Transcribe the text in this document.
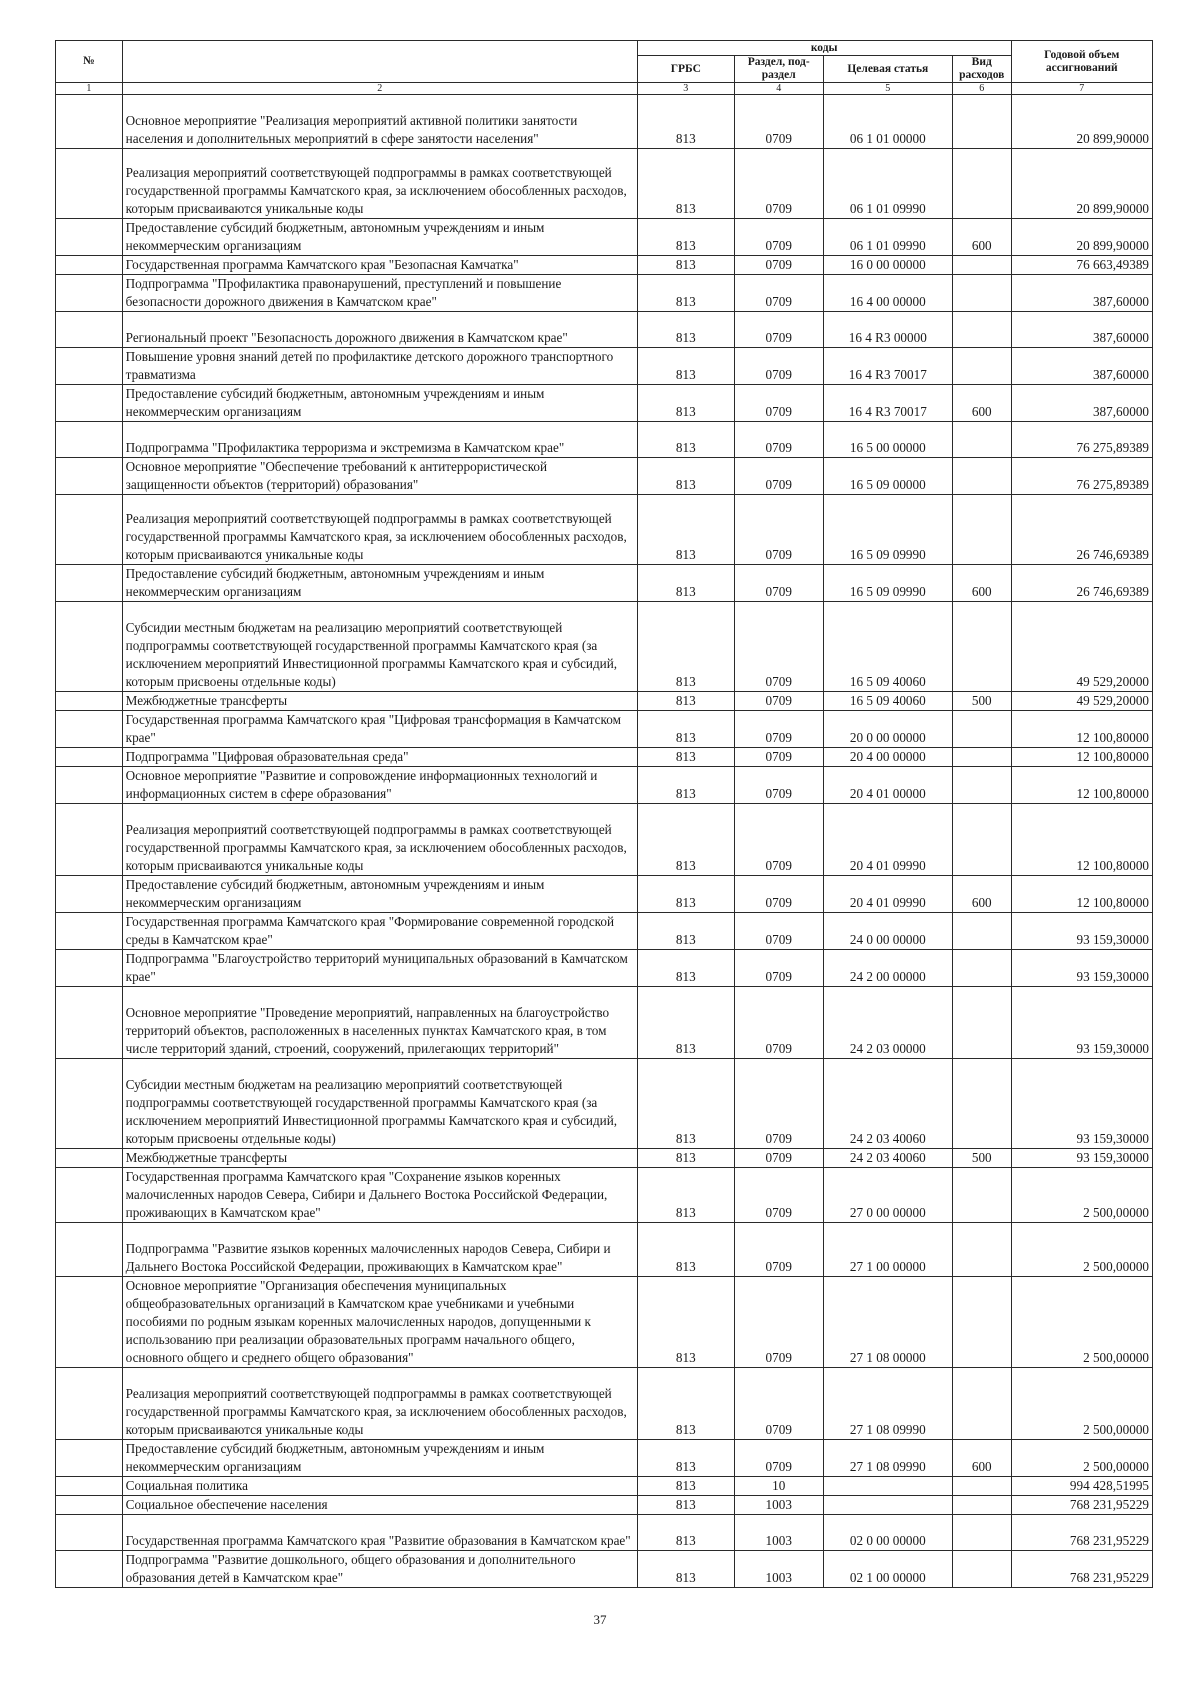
№		коды				Годовой объем ассигнований
		ГРБС	Раздел, под-раздел	Целевая статья	Вид расходов	
1	2	3	4	5	6	7
	Основное мероприятие "Реализация мероприятий активной политики занятости населения и дополнительных мероприятий в сфере занятости населения"	813	0709	06 1 01 00000		20 899,90000
	Реализация мероприятий соответствующей подпрограммы в рамках соответствующей государственной программы Камчатского края, за исключением обособленных расходов, которым присваиваются уникальные коды	813	0709	06 1 01 09990		20 899,90000
	Предоставление субсидий бюджетным, автономным учреждениям и иным некоммерческим организациям	813	0709	06 1 01 09990	600	20 899,90000
	Государственная программа Камчатского края "Безопасная Камчатка"	813	0709	16 0 00 00000		76 663,49389
	Подпрограмма "Профилактика правонарушений, преступлений и повышение безопасности дорожного движения в Камчатском крае"	813	0709	16 4 00 00000		387,60000
	Региональный проект "Безопасность дорожного движения в Камчатском крае"	813	0709	16 4 R3 00000		387,60000
	Повышение уровня знаний детей по профилактике детского дорожного транспортного травматизма	813	0709	16 4 R3 70017		387,60000
	Предоставление субсидий бюджетным, автономным учреждениям и иным некоммерческим организациям	813	0709	16 4 R3 70017	600	387,60000
	Подпрограмма "Профилактика терроризма и экстремизма в Камчатском крае"	813	0709	16 5 00 00000		76 275,89389
	Основное мероприятие "Обеспечение требований к антитеррористической защищенности объектов (территорий) образования"	813	0709	16 5 09 00000		76 275,89389
	Реализация мероприятий соответствующей подпрограммы в рамках соответствующей государственной программы Камчатского края, за исключением обособленных расходов, которым присваиваются уникальные коды	813	0709	16 5 09 09990		26 746,69389
	Предоставление субсидий бюджетным, автономным учреждениям и иным некоммерческим организациям	813	0709	16 5 09 09990	600	26 746,69389
	Субсидии местным бюджетам на реализацию мероприятий соответствующей подпрограммы соответствующей государственной программы Камчатского края (за исключением мероприятий Инвестиционной программы Камчатского края и субсидий, которым присвоены отдельные коды)	813	0709	16 5 09 40060		49 529,20000
	Межбюджетные трансферты	813	0709	16 5 09 40060	500	49 529,20000
	Государственная программа Камчатского края "Цифровая трансформация в Камчатском крае"	813	0709	20 0 00 00000		12 100,80000
	Подпрограмма "Цифровая образовательная среда"	813	0709	20 4 00 00000		12 100,80000
	Основное мероприятие "Развитие и сопровождение информационных технологий и информационных систем в сфере образования"	813	0709	20 4 01 00000		12 100,80000
	Реализация мероприятий соответствующей подпрограммы в рамках соответствующей государственной программы Камчатского края, за исключением обособленных расходов, которым присваиваются уникальные коды	813	0709	20 4 01 09990		12 100,80000
	Предоставление субсидий бюджетным, автономным учреждениям и иным некоммерческим организациям	813	0709	20 4 01 09990	600	12 100,80000
	Государственная программа Камчатского края "Формирование современной городской среды в Камчатском крае"	813	0709	24 0 00 00000		93 159,30000
	Подпрограмма "Благоустройство территорий муниципальных образований в Камчатском крае"	813	0709	24 2 00 00000		93 159,30000
	Основное мероприятие "Проведение мероприятий, направленных на благоустройство территорий объектов, расположенных в населенных пунктах Камчатского края, в том числе территорий зданий, строений, сооружений, прилегающих территорий"	813	0709	24 2 03 00000		93 159,30000
	Субсидии местным бюджетам на реализацию мероприятий соответствующей подпрограммы соответствующей государственной программы Камчатского края (за исключением мероприятий Инвестиционной программы Камчатского края и субсидий, которым присвоены отдельные коды)	813	0709	24 2 03 40060		93 159,30000
	Межбюджетные трансферты	813	0709	24 2 03 40060	500	93 159,30000
	Государственная программа Камчатского края "Сохранение языков коренных малочисленных народов Севера, Сибири и Дальнего Востока Российской Федерации, проживающих в Камчатском крае"	813	0709	27 0 00 00000		2 500,00000
	Подпрограмма "Развитие языков коренных малочисленных народов Севера, Сибири и Дальнего Востока Российской Федерации, проживающих в Камчатском крае"	813	0709	27 1 00 00000		2 500,00000
	Основное мероприятие "Организация обеспечения муниципальных общеобразовательных организаций в Камчатском крае учебниками и учебными пособиями по родным языкам коренных малочисленных народов, допущенными к использованию при реализации образовательных программ начального общего, основного общего и среднего общего образования"	813	0709	27 1 08 00000		2 500,00000
	Реализация мероприятий соответствующей подпрограммы в рамках соответствующей государственной программы Камчатского края, за исключением обособленных расходов, которым присваиваются уникальные коды	813	0709	27 1 08 09990		2 500,00000
	Предоставление субсидий бюджетным, автономным учреждениям и иным некоммерческим организациям	813	0709	27 1 08 09990	600	2 500,00000
	Социальная политика	813	10			994 428,51995
	Социальное обеспечение населения	813	1003			768 231,95229
	Государственная программа Камчатского края "Развитие образования в Камчатском крае"	813	1003	02 0 00 00000		768 231,95229
	Подпрограмма "Развитие дошкольного, общего образования и дополнительного образования детей в Камчатском крае"	813	1003	02 1 00 00000		768 231,95229
37
